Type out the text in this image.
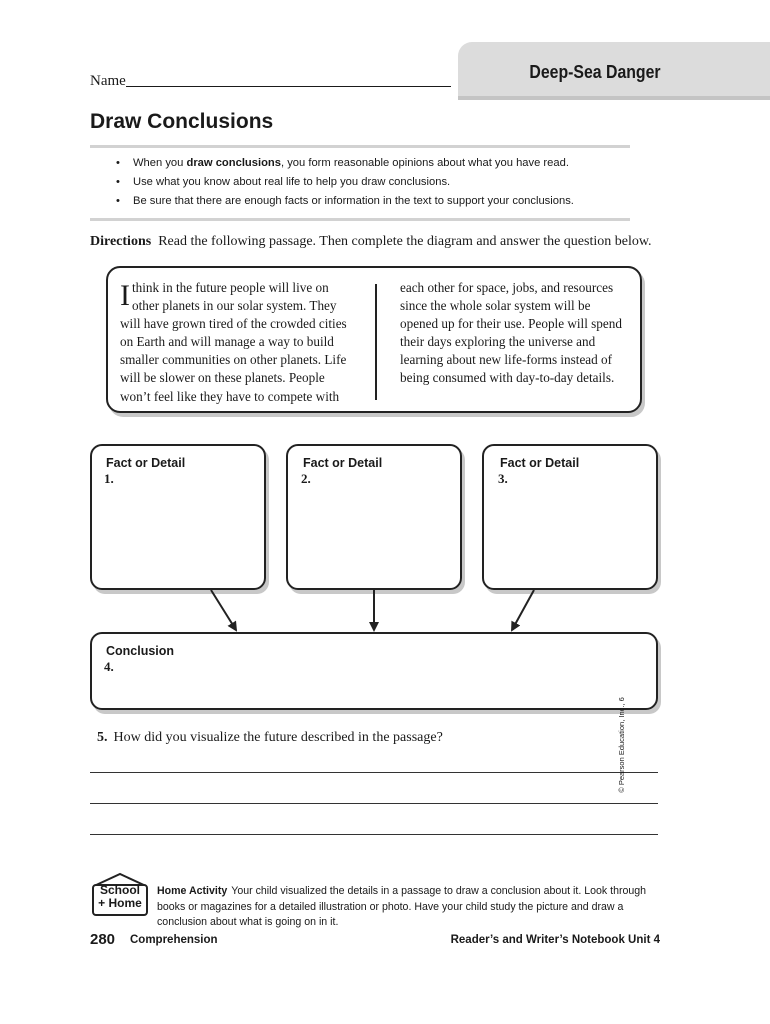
Deep-Sea Danger
Name
Draw Conclusions
• When you draw conclusions, you form reasonable opinions about what you have read.
• Use what you know about real life to help you draw conclusions.
• Be sure that there are enough facts or information in the text to support your conclusions.
Directions Read the following passage. Then complete the diagram and answer the question below.
I think in the future people will live on
other planets in our solar system. They
will have grown tired of the crowded cities
on Earth and will manage a way to build
smaller communities on other planets. Life
will be slower on these planets. People
won’t feel like they have to compete with
each other for space, jobs, and resources
since the whole solar system will be
opened up for their use. People will spend
their days exploring the universe and
learning about new life-forms instead of
being consumed with day-to-day details.
Fact or Detail
1.
Fact or Detail
2.
Fact or Detail
3.
Conclusion
4.
5. How did you visualize the future described in the passage?	© Pearson Education, Inc., 6
School
+ Home
Home Activity Your child visualized the details in a passage to draw a conclusion about it. Look through books or magazines for a detailed illustration or photo. Have your child study the picture and draw a conclusion about what is going on in it.
280 Comprehension	Reader’s and Writer’s Notebook Unit 4
